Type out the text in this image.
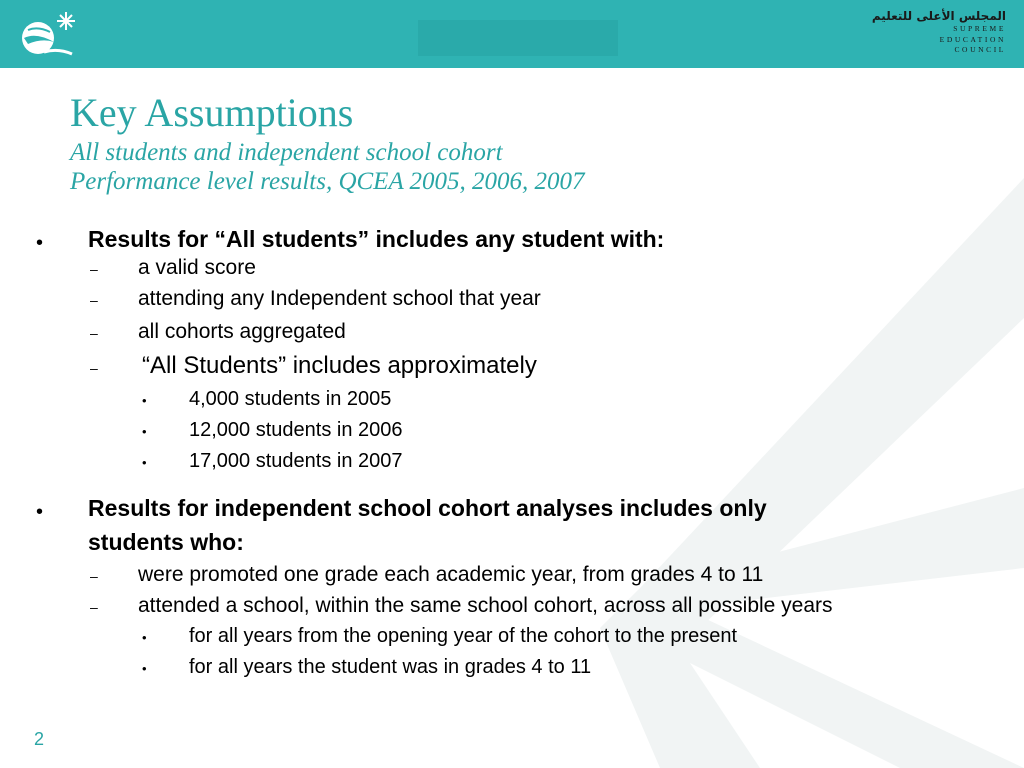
المجلس الأعلى للتعليم
SUPREME
EDUCATION
COUNCIL
Key Assumptions
All students and independent school cohort
Performance level results, QCEA 2005, 2006, 2007
• Results for “All students” includes any student with:
– a valid score
– attending any Independent school that year
– all cohorts aggregated
– “All Students” includes approximately
• 4,000 students in 2005
• 12,000 students in 2006
• 17,000 students in 2007
• Results for independent school cohort analyses includes only
students who:
– were promoted one grade each academic year, from grades 4 to 11
– attended a school, within the same school cohort, across all possible years
• for all years from the opening year of the cohort to the present
• for all years the student was in grades 4 to 11
2
